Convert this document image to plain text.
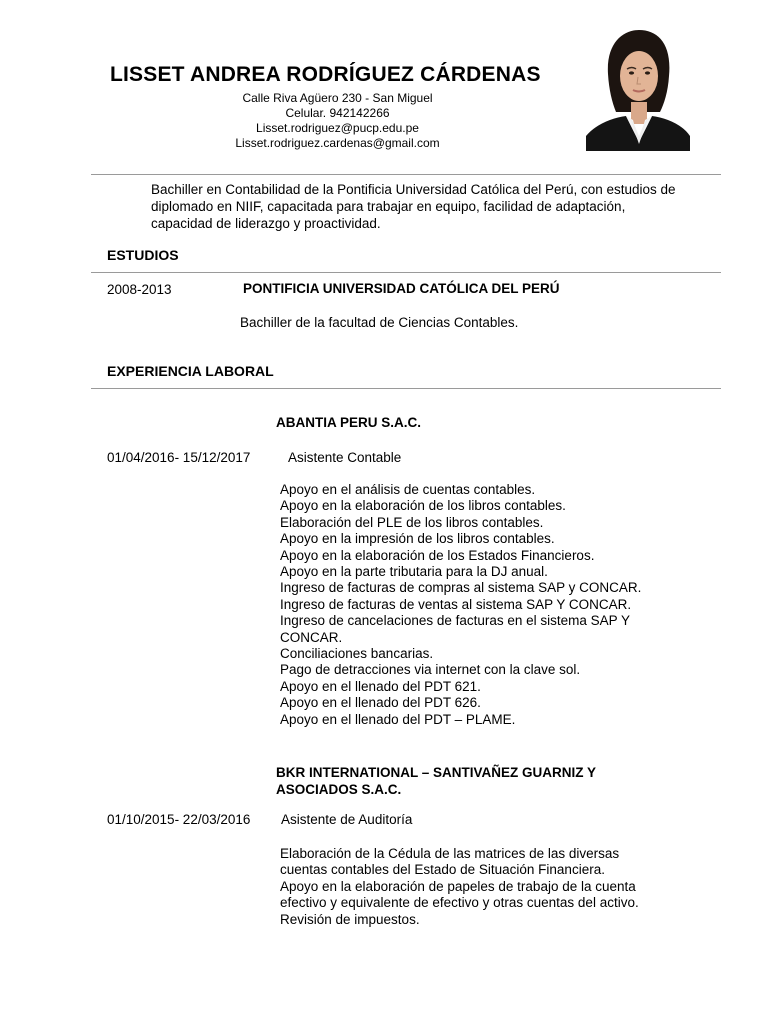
LISSET ANDREA RODRÍGUEZ CÁRDENAS
Calle Riva Agüero 230 - San Miguel
Celular. 942142266
Lisset.rodriguez@pucp.edu.pe
Lisset.rodriguez.cardenas@gmail.com
Bachiller en Contabilidad de la Pontificia Universidad Católica del Perú, con estudios de diplomado en NIIF, capacitada para trabajar en equipo, facilidad de adaptación, capacidad de liderazgo y proactividad.
ESTUDIOS
2008-2013	PONTIFICIA UNIVERSIDAD CATÓLICA DEL PERÚ
Bachiller de la facultad de Ciencias Contables.
EXPERIENCIA LABORAL
ABANTIA PERU S.A.C.
01/04/2016- 15/12/2017	Asistente Contable
Apoyo en el análisis de cuentas contables.
Apoyo en la elaboración de los libros contables.
Elaboración del PLE de los libros contables.
Apoyo en la impresión de los libros contables.
Apoyo en la elaboración de los Estados Financieros.
Apoyo en la parte tributaria para la DJ anual.
Ingreso de facturas de compras al sistema SAP y CONCAR.
Ingreso de facturas de ventas al sistema SAP Y CONCAR.
Ingreso de cancelaciones de facturas en el sistema SAP Y
CONCAR.
Conciliaciones bancarias.
Pago de detracciones via internet con la clave sol.
Apoyo en el llenado del PDT 621.
Apoyo en el llenado del PDT 626.
Apoyo en el llenado del PDT – PLAME.
BKR INTERNATIONAL – SANTIVAÑEZ GUARNIZ Y
ASOCIADOS S.A.C.
01/10/2015- 22/03/2016 Asistente de Auditoría
Elaboración de la Cédula de las matrices de las diversas
cuentas contables del Estado de Situación Financiera.
Apoyo en la elaboración de papeles de trabajo de la cuenta
efectivo y equivalente de efectivo y otras cuentas del activo.
Revisión de impuestos.
